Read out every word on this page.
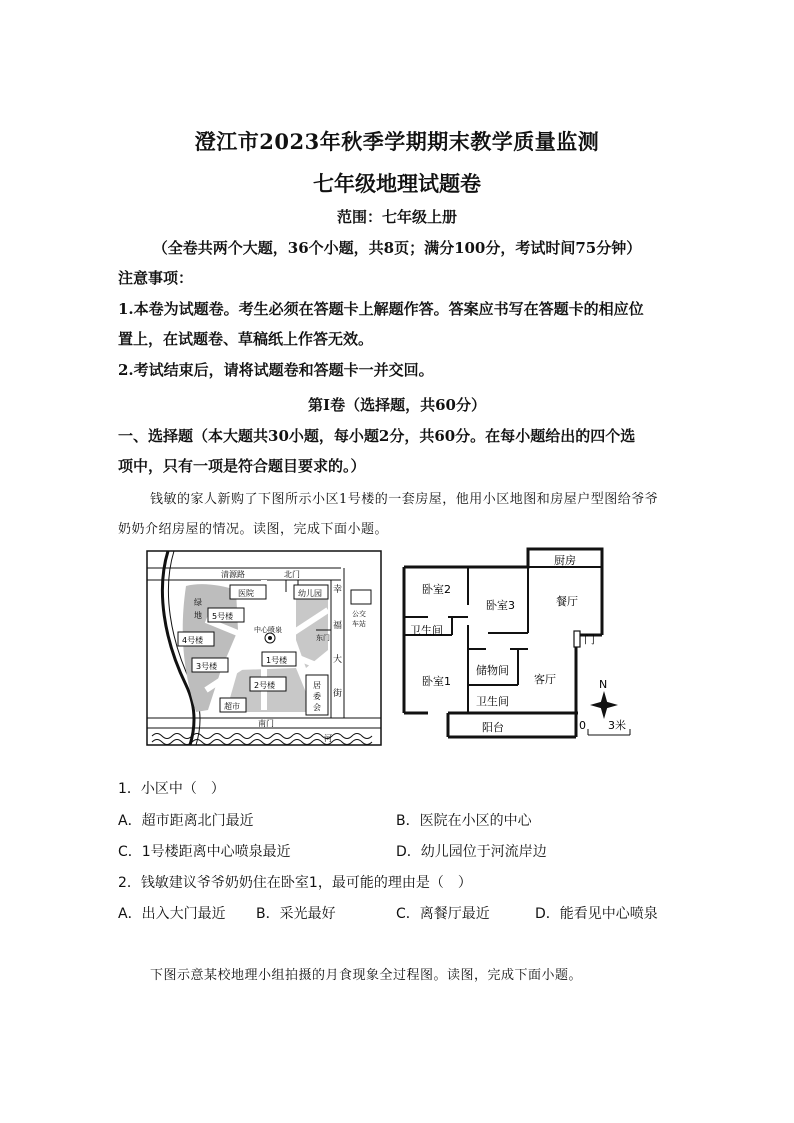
澄江市2023年秋季学期期末教学质量监测
七年级地理试题卷
范围：七年级上册
（全卷共两个大题，36个小题，共8页；满分100分，考试时间75分钟）
注意事项：
1.本卷为试题卷。考生必须在答题卡上解题作答。答案应书写在答题卡的相应位
置上，在试题卷、草稿纸上作答无效。
2.考试结束后，请将试题卷和答题卡一并交回。
第Ⅰ卷（选择题，共60分）
一、选择题（本大题共30小题，每小题2分，共60分。在每小题给出的四个选
项中，只有一项是符合题目要求的。）
钱敏的家人新购了下图所示小区1号楼的一套房屋，他用小区地图和房屋户型图给爷爷
奶奶介绍房屋的情况。读图，完成下面小题。
清源路	北门
医院	幼儿园
绿
地 5号楼
4号楼
3号楼
1号楼
2号楼
中心喷泉
东门
居
委
会
超市
南门
河
幸
福
大
街
公交
车站
厨房
餐厅
卧室2
卧室3
卫生间
储物间
卧室1	客厅
卫生间
阳台
门
N
0 3米
1．小区中（　）
A．超市距离北门最近	B．医院在小区的中心
C．1号楼距离中心喷泉最近	D．幼儿园位于河流岸边
2．钱敏建议爷爷奶奶住在卧室1，最可能的理由是（　）
A．出入大门最近 B．采光最好	C．离餐厅最近	D．能看见中心喷泉
下图示意某校地理小组拍摄的月食现象全过程图。读图，完成下面小题。
